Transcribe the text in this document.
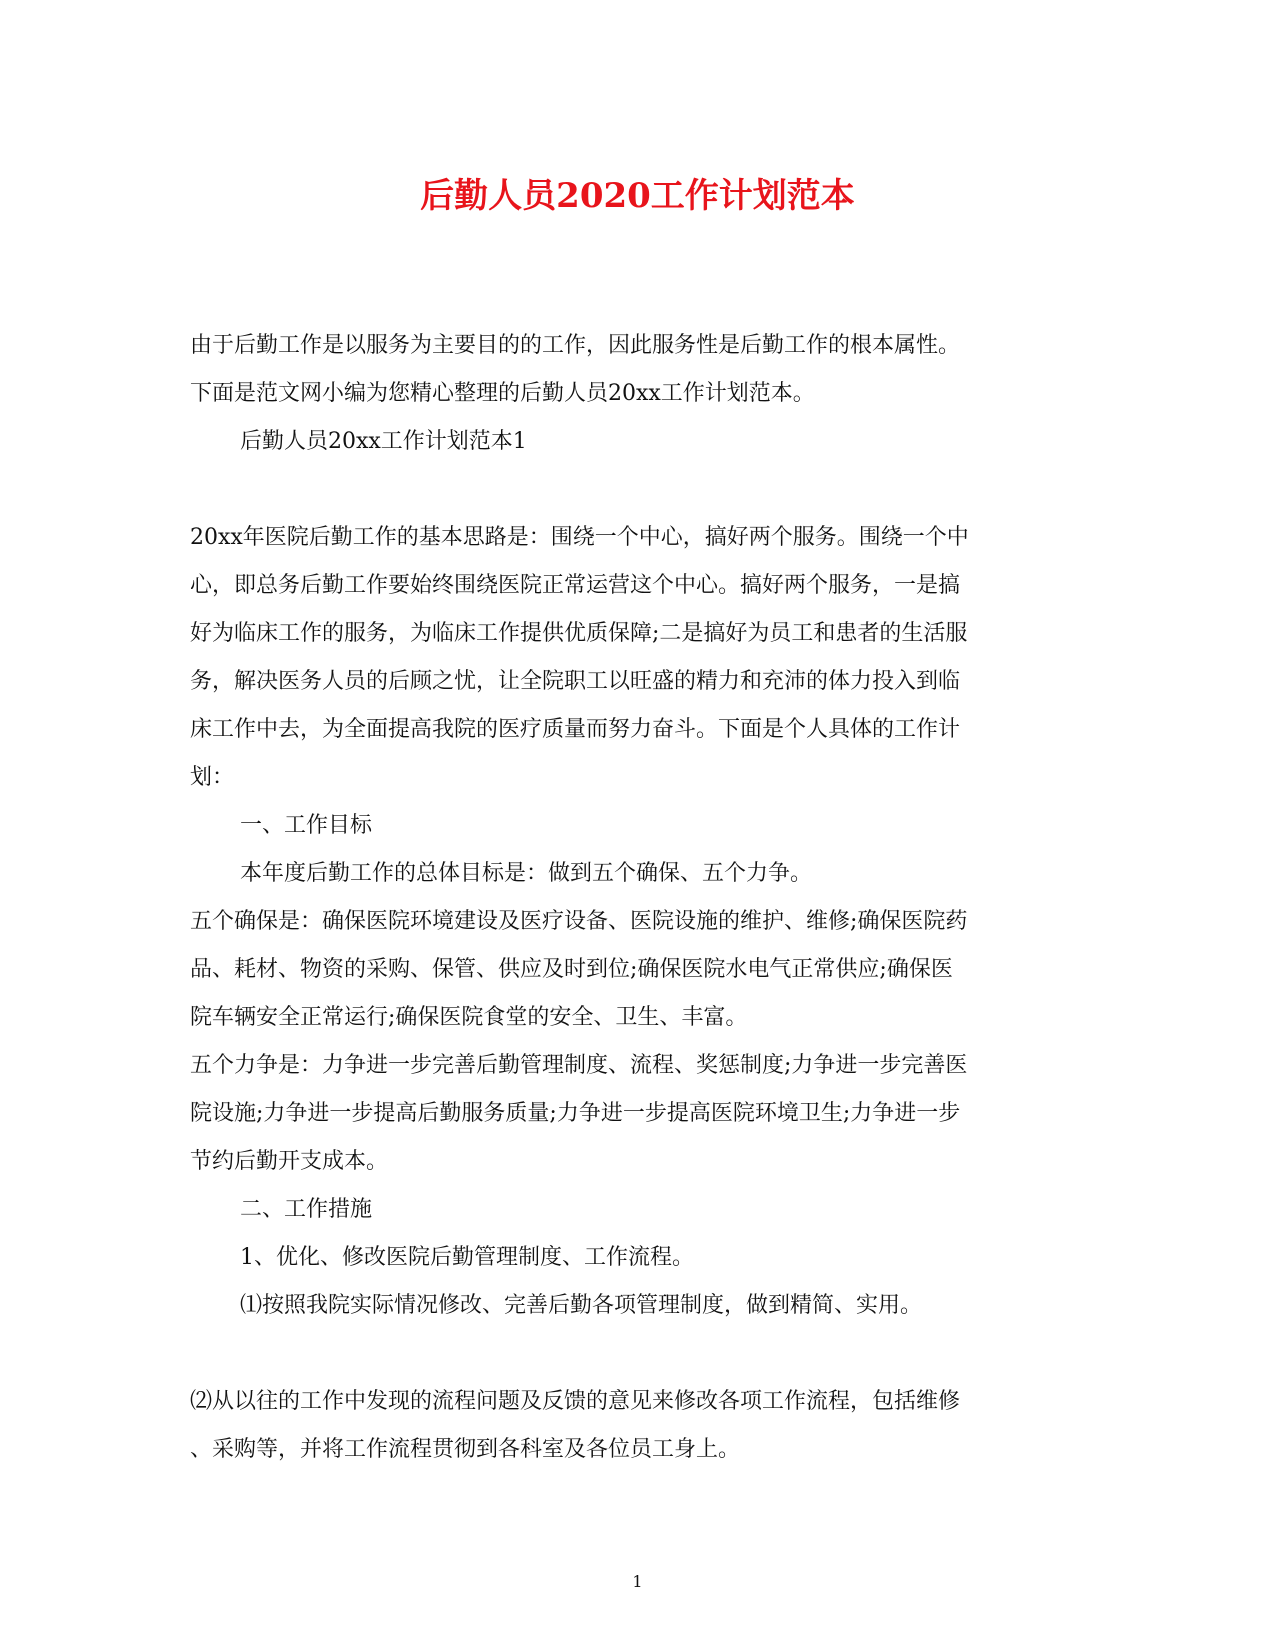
后勤人员2020工作计划范本

由于后勤工作是以服务为主要目的的工作，因此服务性是后勤工作的根本属性。

下面是范文网小编为您精心整理的后勤人员20xx工作计划范本。

后勤人员20xx工作计划范本1

20xx年医院后勤工作的基本思路是：围绕一个中心，搞好两个服务。围绕一个中

心，即总务后勤工作要始终围绕医院正常运营这个中心。搞好两个服务，一是搞

好为临床工作的服务，为临床工作提供优质保障;二是搞好为员工和患者的生活服

务，解决医务人员的后顾之忧，让全院职工以旺盛的精力和充沛的体力投入到临

床工作中去，为全面提高我院的医疗质量而努力奋斗。下面是个人具体的工作计

划：

一、工作目标

本年度后勤工作的总体目标是：做到五个确保、五个力争。

五个确保是：确保医院环境建设及医疗设备、医院设施的维护、维修;确保医院药

品、耗材、物资的采购、保管、供应及时到位;确保医院水电气正常供应;确保医

院车辆安全正常运行;确保医院食堂的安全、卫生、丰富。

五个力争是：力争进一步完善后勤管理制度、流程、奖惩制度;力争进一步完善医

院设施;力争进一步提高后勤服务质量;力争进一步提高医院环境卫生;力争进一步

节约后勤开支成本。

二、工作措施

1、优化、修改医院后勤管理制度、工作流程。

⑴按照我院实际情况修改、完善后勤各项管理制度，做到精简、实用。

⑵从以往的工作中发现的流程问题及反馈的意见来修改各项工作流程，包括维修

、采购等，并将工作流程贯彻到各科室及各位员工身上。

1
